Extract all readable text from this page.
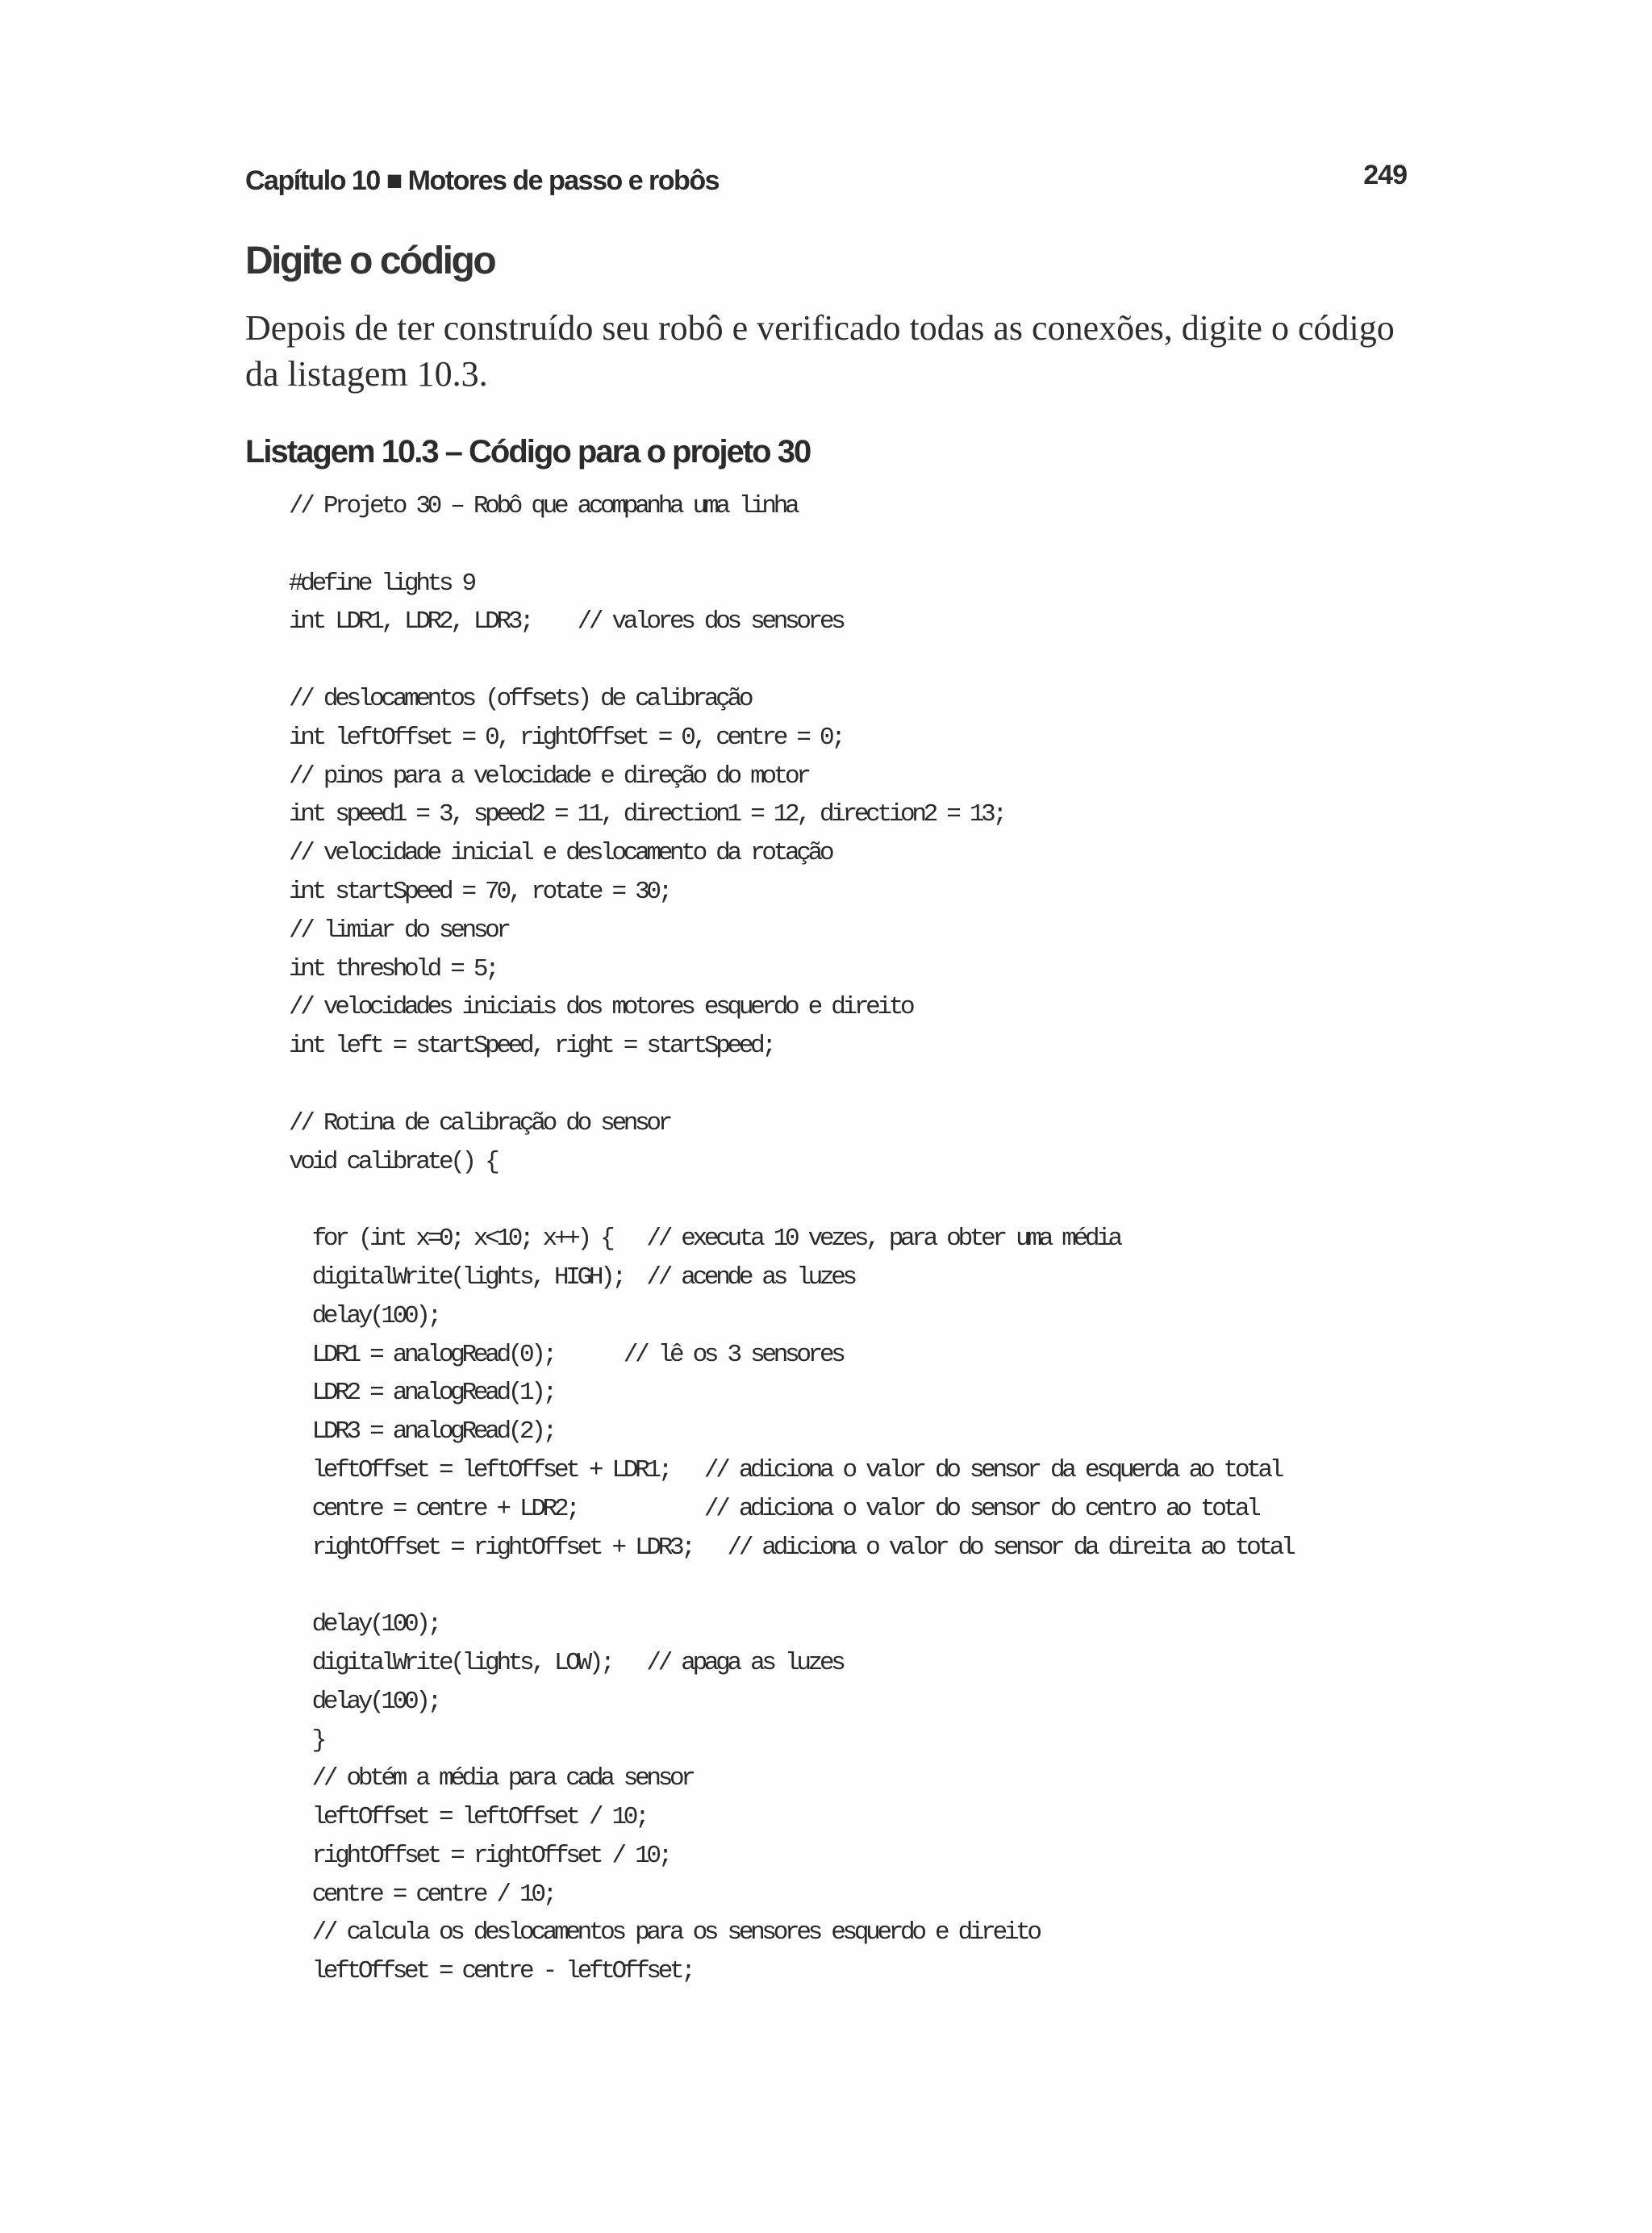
Capítulo 10 ■ Motores de passo e robôs	249
Digite o código

Depois de ter construído seu robô e verificado todas as conexões, digite o código da listagem 10.3.

Listagem 10.3 – Código para o projeto 30
// Projeto 30 – Robô que acompanha uma linha
#define lights 9
int LDR1, LDR2, LDR3;    // valores dos sensores
// deslocamentos (offsets) de calibração
int leftOffset = 0, rightOffset = 0, centre = 0;
// pinos para a velocidade e direção do motor
int speed1 = 3, speed2 = 11, direction1 = 12, direction2 = 13;
// velocidade inicial e deslocamento da rotação
int startSpeed = 70, rotate = 30;
// limiar do sensor
int threshold = 5;
// velocidades iniciais dos motores esquerdo e direito
int left = startSpeed, right = startSpeed;
// Rotina de calibração do sensor
void calibrate() {
for (int x=0; x<10; x++) {   // executa 10 vezes, para obter uma média
digitalWrite(lights, HIGH);  // acende as luzes
delay(100);
LDR1 = analogRead(0);      // lê os 3 sensores
LDR2 = analogRead(1);
LDR3 = analogRead(2);
leftOffset = leftOffset + LDR1;   // adiciona o valor do sensor da esquerda ao total
centre = centre + LDR2;           // adiciona o valor do sensor do centro ao total
rightOffset = rightOffset + LDR3;   // adiciona o valor do sensor da direita ao total
delay(100);
digitalWrite(lights, LOW);   // apaga as luzes
delay(100);
}
// obtém a média para cada sensor
leftOffset = leftOffset / 10;
rightOffset = rightOffset / 10;
centre = centre / 10;
// calcula os deslocamentos para os sensores esquerdo e direito
leftOffset = centre - leftOffset;
